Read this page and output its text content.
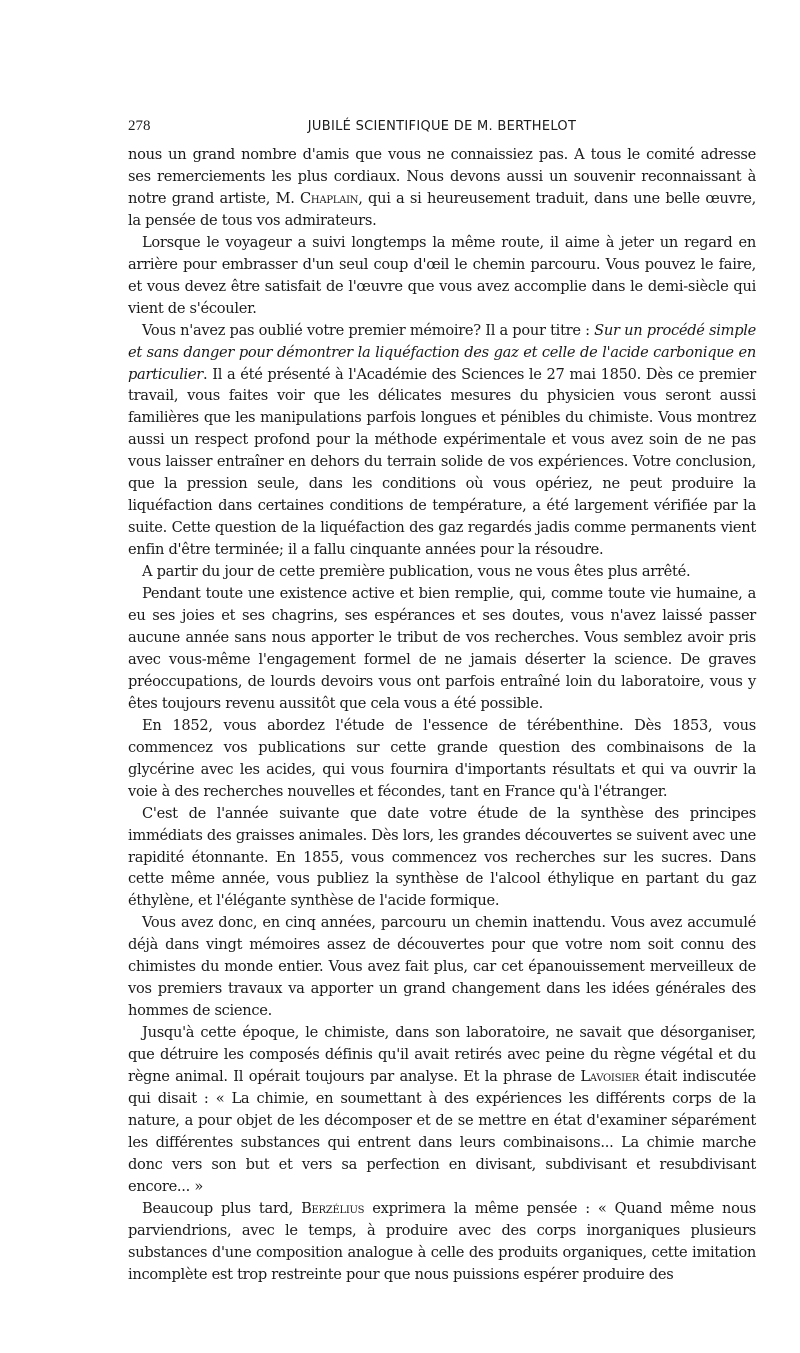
278	JUBILÉ SCIENTIFIQUE DE M. BERTHELOT

nous un grand nombre d'amis que vous ne connaissiez pas. A tous le comité adresse ses remerciements les plus cordiaux. Nous devons aussi un souvenir reconnaissant à notre grand artiste, M. Chaplain, qui a si heureusement traduit, dans une belle œuvre, la pensée de tous vos admirateurs.

Lorsque le voyageur a suivi longtemps la même route, il aime à jeter un regard en arrière pour embrasser d'un seul coup d'œil le chemin parcouru. Vous pouvez le faire, et vous devez être satisfait de l'œuvre que vous avez accomplie dans le demi-siècle qui vient de s'écouler.

Vous n'avez pas oublié votre premier mémoire? Il a pour titre : Sur un procédé simple et sans danger pour démontrer la liquéfaction des gaz et celle de l'acide carbonique en particulier. Il a été présenté à l'Académie des Sciences le 27 mai 1850. Dès ce premier travail, vous faites voir que les délicates mesures du physicien vous seront aussi familières que les manipulations parfois longues et pénibles du chimiste. Vous montrez aussi un respect profond pour la méthode expérimentale et vous avez soin de ne pas vous laisser entraîner en dehors du terrain solide de vos expériences. Votre conclusion, que la pression seule, dans les conditions où vous opériez, ne peut produire la liquéfaction dans certaines conditions de température, a été largement vérifiée par la suite. Cette question de la liquéfaction des gaz regardés jadis comme permanents vient enfin d'être terminée; il a fallu cinquante années pour la résoudre.

A partir du jour de cette première publication, vous ne vous êtes plus arrêté.

Pendant toute une existence active et bien remplie, qui, comme toute vie humaine, a eu ses joies et ses chagrins, ses espérances et ses doutes, vous n'avez laissé passer aucune année sans nous apporter le tribut de vos recherches. Vous semblez avoir pris avec vous-même l'engagement formel de ne jamais déserter la science. De graves préoccupations, de lourds devoirs vous ont parfois entraîné loin du laboratoire, vous y êtes toujours revenu aussitôt que cela vous a été possible.

En 1852, vous abordez l'étude de l'essence de térébenthine. Dès 1853, vous commencez vos publications sur cette grande question des combinaisons de la glycérine avec les acides, qui vous fournira d'importants résultats et qui va ouvrir la voie à des recherches nouvelles et fécondes, tant en France qu'à l'étranger.

C'est de l'année suivante que date votre étude de la synthèse des principes immédiats des graisses animales. Dès lors, les grandes découvertes se suivent avec une rapidité étonnante. En 1855, vous commencez vos recherches sur les sucres. Dans cette même année, vous publiez la synthèse de l'alcool éthylique en partant du gaz éthylène, et l'élégante synthèse de l'acide formique.

Vous avez donc, en cinq années, parcouru un chemin inattendu. Vous avez accumulé déjà dans vingt mémoires assez de découvertes pour que votre nom soit connu des chimistes du monde entier. Vous avez fait plus, car cet épanouissement merveilleux de vos premiers travaux va apporter un grand changement dans les idées générales des hommes de science.

Jusqu'à cette époque, le chimiste, dans son laboratoire, ne savait que désorganiser, que détruire les composés définis qu'il avait retirés avec peine du règne végétal et du règne animal. Il opérait toujours par analyse. Et la phrase de Lavoisier était indiscutée qui disait : « La chimie, en soumettant à des expériences les différents corps de la nature, a pour objet de les décomposer et de se mettre en état d'examiner séparément les différentes substances qui entrent dans leurs combinaisons... La chimie marche donc vers son but et vers sa perfection en divisant, subdivisant et resubdivisant encore... »

Beaucoup plus tard, Berzélius exprimera la même pensée : « Quand même nous parviendrions, avec le temps, à produire avec des corps inorganiques plusieurs substances d'une composition analogue à celle des produits organiques, cette imitation incomplète est trop restreinte pour que nous puissions espérer produire des
